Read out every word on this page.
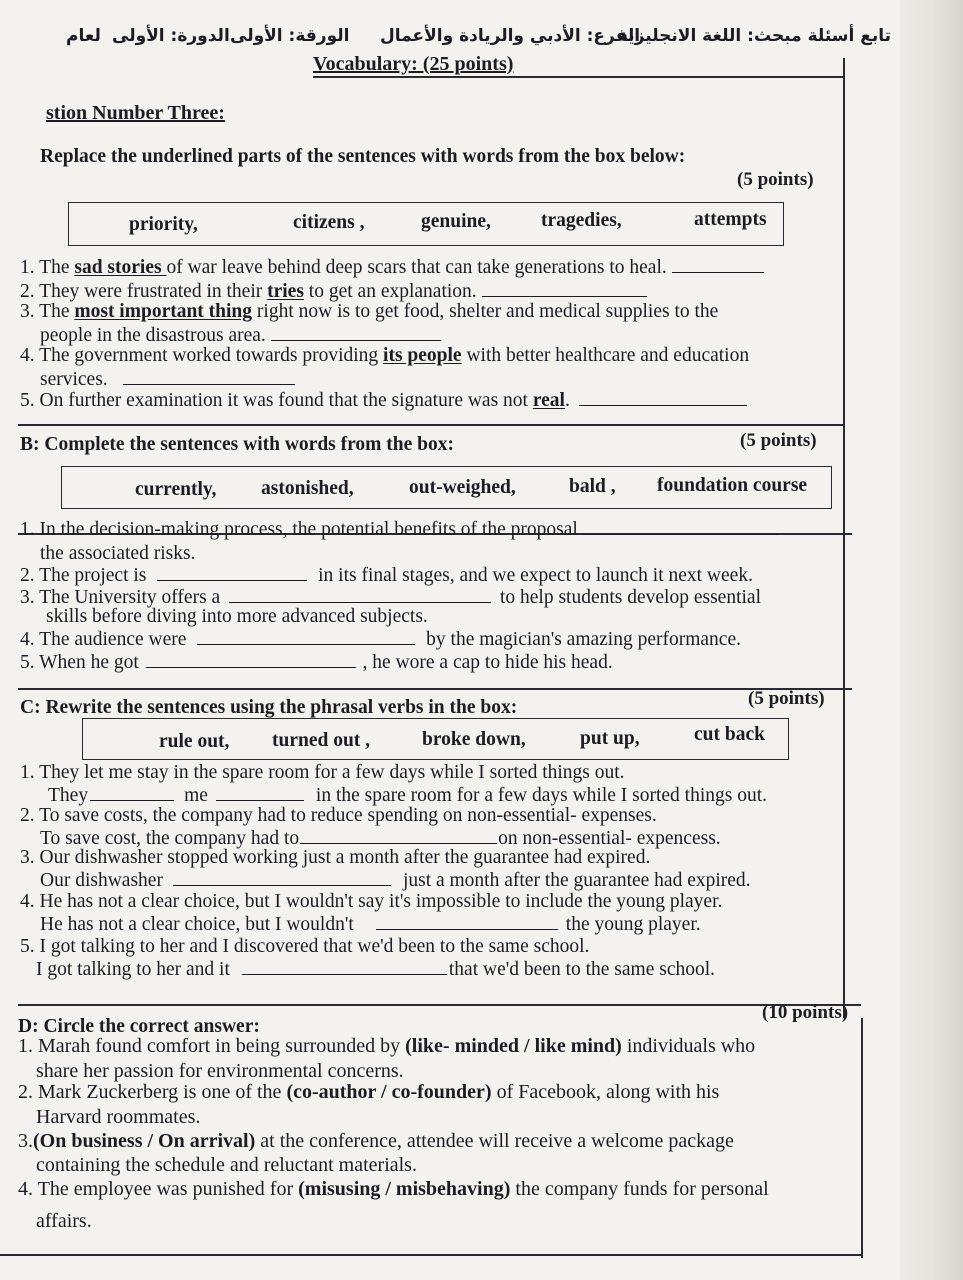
تابع أسئلة مبحث: اللغة الانجليزية
الفرع: الأدبي والريادة والأعمال
الورقة: الأولى
الدورة: الأولى
لعام
Vocabulary: (25 points)
stion Number Three:
Replace the underlined parts of the sentences with words from the box below:
(5 points)
priority,	citizens ,	genuine,	tragedies,	attempts
1. The sad stories of war leave behind deep scars that can take generations to heal.
2. They were frustrated in their tries to get an explanation.
3. The most important thing right now is to get food, shelter and medical supplies to the
people in the disastrous area.
4. The government worked towards providing its people with better healthcare and education
services.
5. On further examination it was found that the signature was not real.
B: Complete the sentences with words from the box:	(5 points)
currently, astonished,	out-weighed,	bald , foundation course
1. In the decision-making process, the potential benefits of the proposal
the associated risks.
2. The project is	in its final stages, and we expect to launch it next week.
3. The University offers a	to help students develop essential
skills before diving into more advanced subjects.
4. The audience were	by the magician's amazing performance.
5. When he got	, he wore a cap to hide his head.
C: Rewrite the sentences using the phrasal verbs in the box:	(5 points)
rule out, turned out ,	broke down,	put up,	cut back
1. They let me stay in the spare room for a few days while I sorted things out.
They	me	in the spare room for a few days while I sorted things out.
2. To save costs, the company had to reduce spending on non-essential- expenses.
To save cost, the company had to	on non-essential- expencess.
3. Our dishwasher stopped working just a month after the guarantee had expired.
Our dishwasher	just a month after the guarantee had expired.
4. He has not a clear choice, but I wouldn't say it's impossible to include the young player.
He has not a clear choice, but I wouldn't	the young player.
5. I got talking to her and I discovered that we'd been to the same school.
I got talking to her and it	that we'd been to the same school.
D: Circle the correct answer:
(10 points)
1. Marah found comfort in being surrounded by (like- minded / like mind) individuals who
share her passion for environmental concerns.
2. Mark Zuckerberg is one of the (co-author / co-founder) of Facebook, along with his
Harvard roommates.
3.(On business / On arrival) at the conference, attendee will receive a welcome package
containing the schedule and reluctant materials.
4. The employee was punished for (misusing / misbehaving) the company funds for personal
affairs.
